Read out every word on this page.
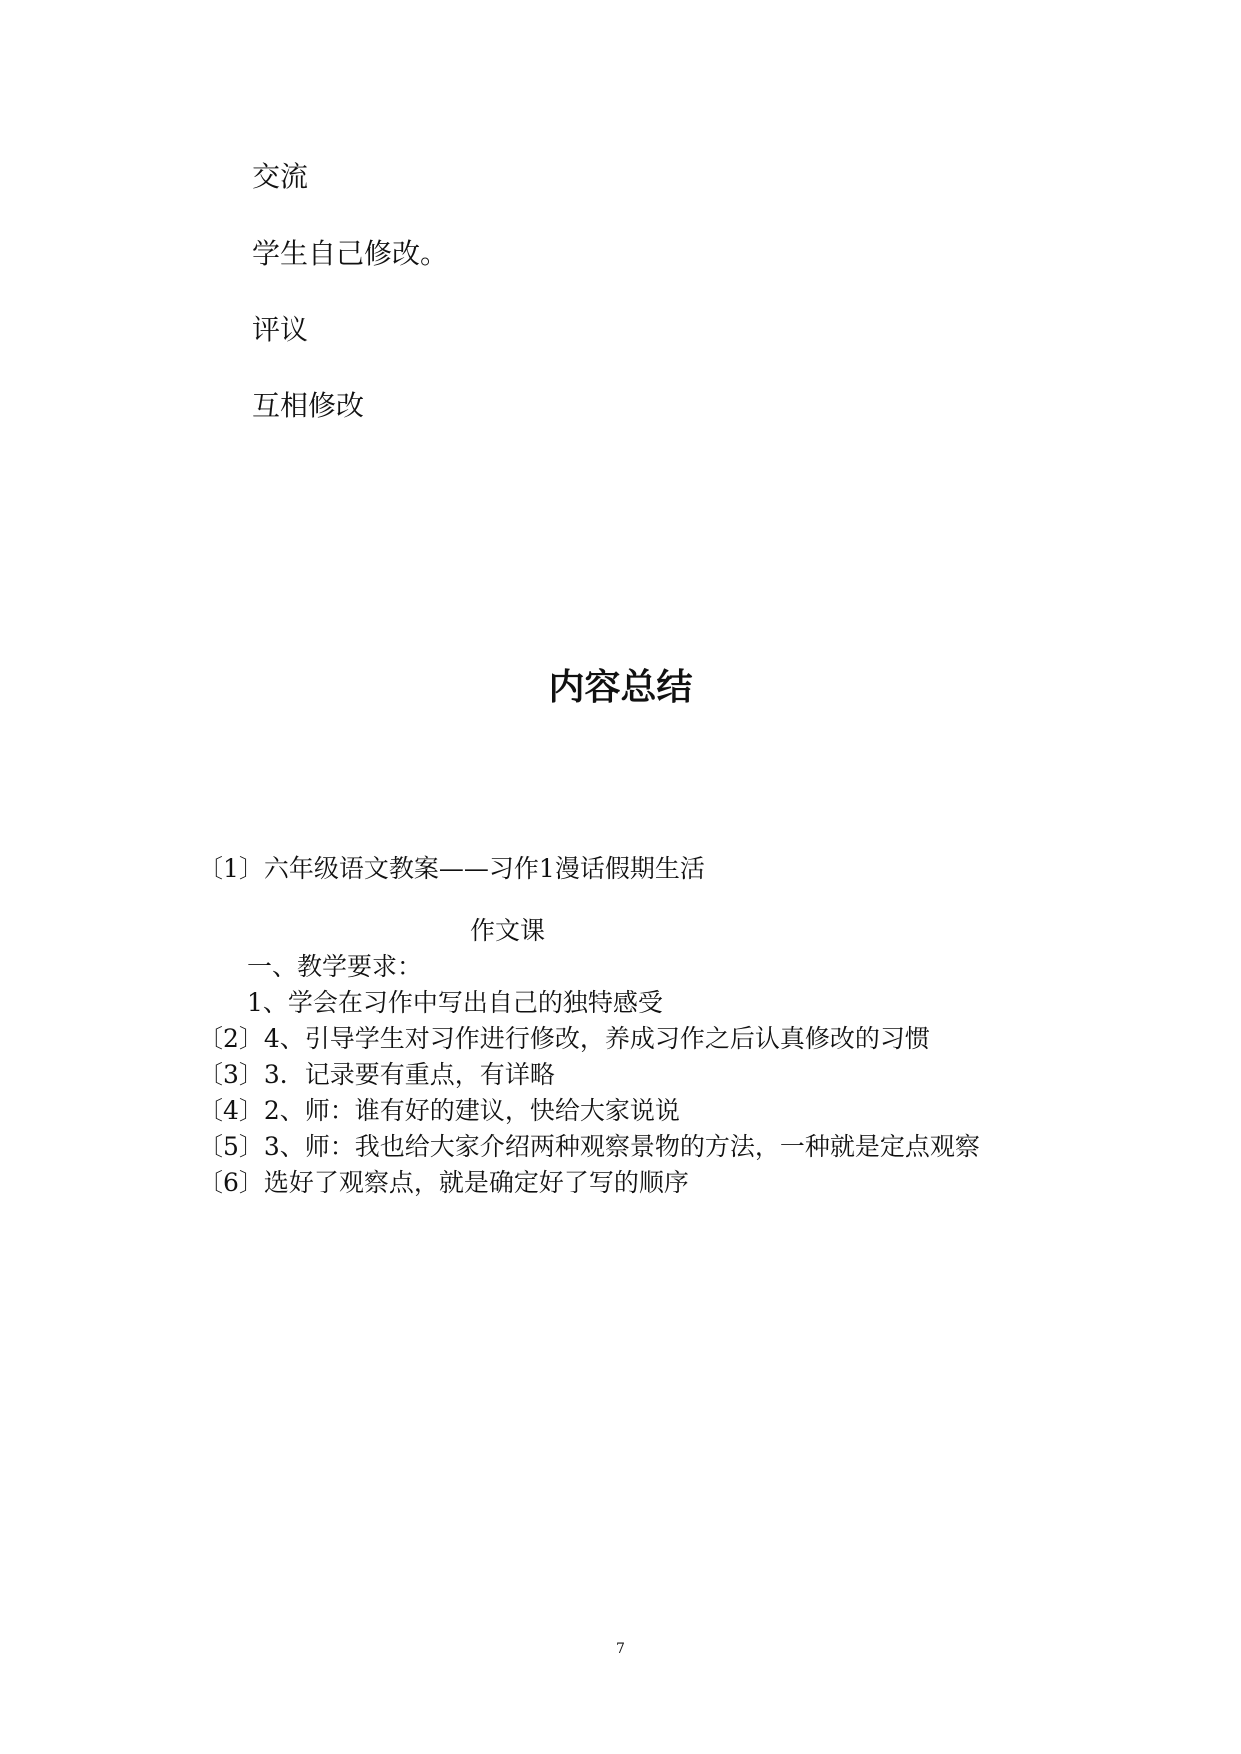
交流
学生自己修改。
评议
互相修改
内容总结
〔1〕六年级语文教案——习作1漫话假期生活
作文课
一、教学要求：
1、学会在习作中写出自己的独特感受
〔2〕4、引导学生对习作进行修改，养成习作之后认真修改的习惯
〔3〕3．记录要有重点，有详略
〔4〕2、师：谁有好的建议，快给大家说说
〔5〕3、师：我也给大家介绍两种观察景物的方法，一种就是定点观察
〔6〕选好了观察点，就是确定好了写的顺序
7
